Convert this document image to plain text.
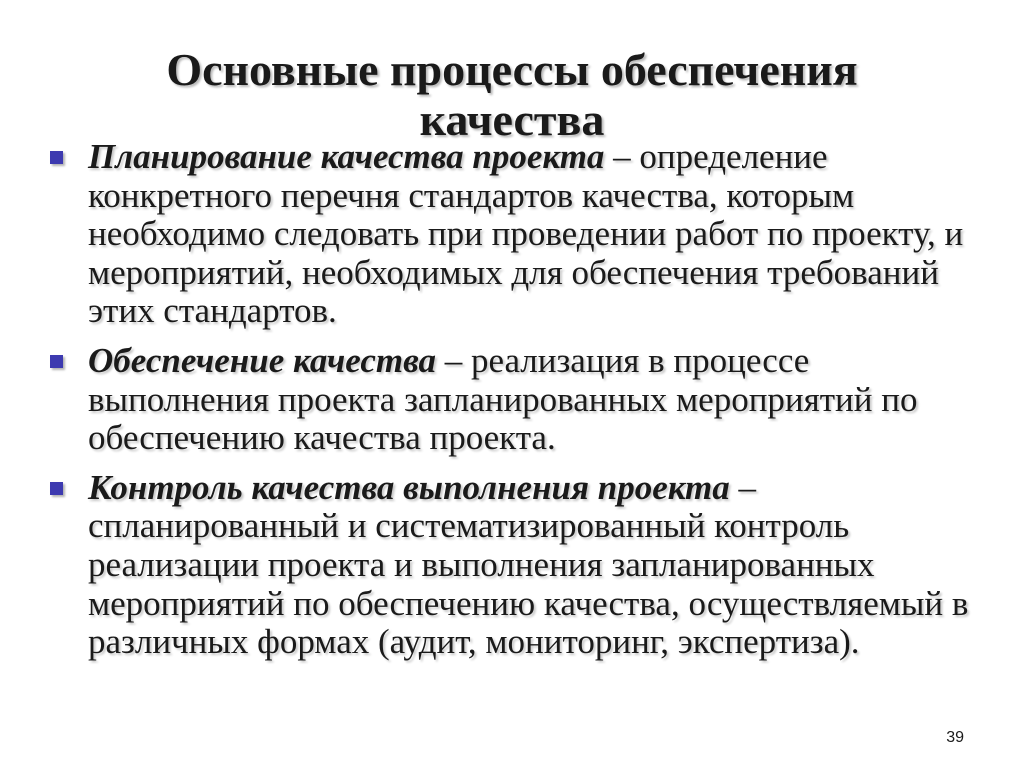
Основные процессы обеспечения
качества
Планирование качества проекта – определение конкретного перечня стандартов качества, которым необходимо следовать при проведении работ по проекту, и мероприятий, необходимых для обеспечения требований этих стандартов.
Обеспечение качества – реализация в процессе выполнения проекта запланированных мероприятий по обеспечению качества проекта.
Контроль качества выполнения проекта – спланированный и систематизированный контроль реализации проекта и выполнения запланированных мероприятий по обеспечению качества, осуществляемый в различных формах (аудит, мониторинг, экспертиза).
39
